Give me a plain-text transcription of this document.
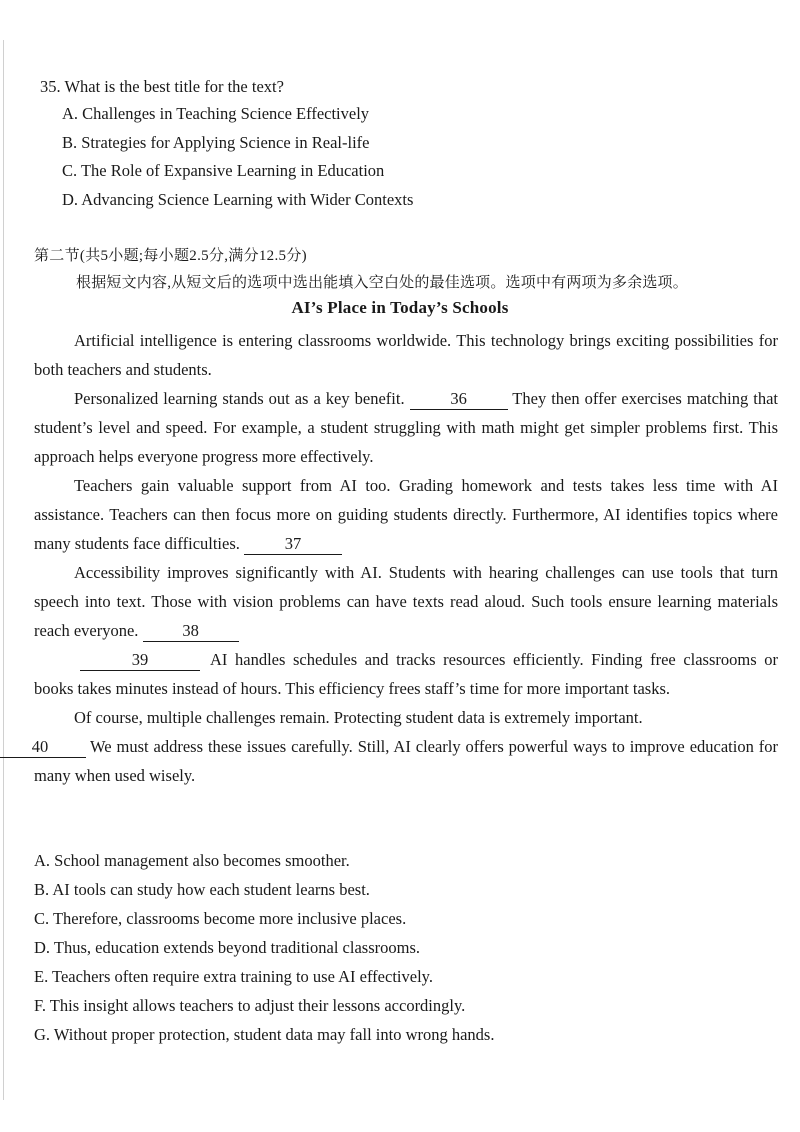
35. What is the best title for the text?
A. Challenges in Teaching Science Effectively
B. Strategies for Applying Science in Real-life
C. The Role of Expansive Learning in Education
D. Advancing Science Learning with Wider Contexts
第二节(共5小题;每小题2.5分,满分12.5分)
根据短文内容,从短文后的选项中选出能填入空白处的最佳选项。选项中有两项为多余选项。
AI’s Place in Today’s Schools

Artificial intelligence is entering classrooms worldwide. This technology brings exciting possibilities for both teachers and students.

Personalized learning stands out as a key benefit.	36 They then offer exercises matching that student’s level and speed. For example, a student struggling with math might get simpler problems first. This approach helps everyone progress more effectively.

Teachers gain valuable support from AI too. Grading homework and tests takes less time with AI assistance. Teachers can then focus more on guiding students directly. Furthermore, AI identifies topics where many students face difficulties.	37

Accessibility improves significantly with AI. Students with hearing challenges can use tools that turn speech into text. Those with vision problems can have texts read aloud. Such tools ensure learning materials reach everyone.	38

39	AI handles schedules and tracks resources efficiently. Finding free classrooms or books takes minutes instead of hours. This efficiency frees staff’s time for more important tasks.

Of course, multiple challenges remain. Protecting student data is extremely important.
40	We must address these issues carefully. Still, AI clearly offers powerful ways to improve education for many when used wisely.

A. School management also becomes smoother.
B. AI tools can study how each student learns best.
C. Therefore, classrooms become more inclusive places.
D. Thus, education extends beyond traditional classrooms.
E. Teachers often require extra training to use AI effectively.
F. This insight allows teachers to adjust their lessons accordingly.
G. Without proper protection, student data may fall into wrong hands.
